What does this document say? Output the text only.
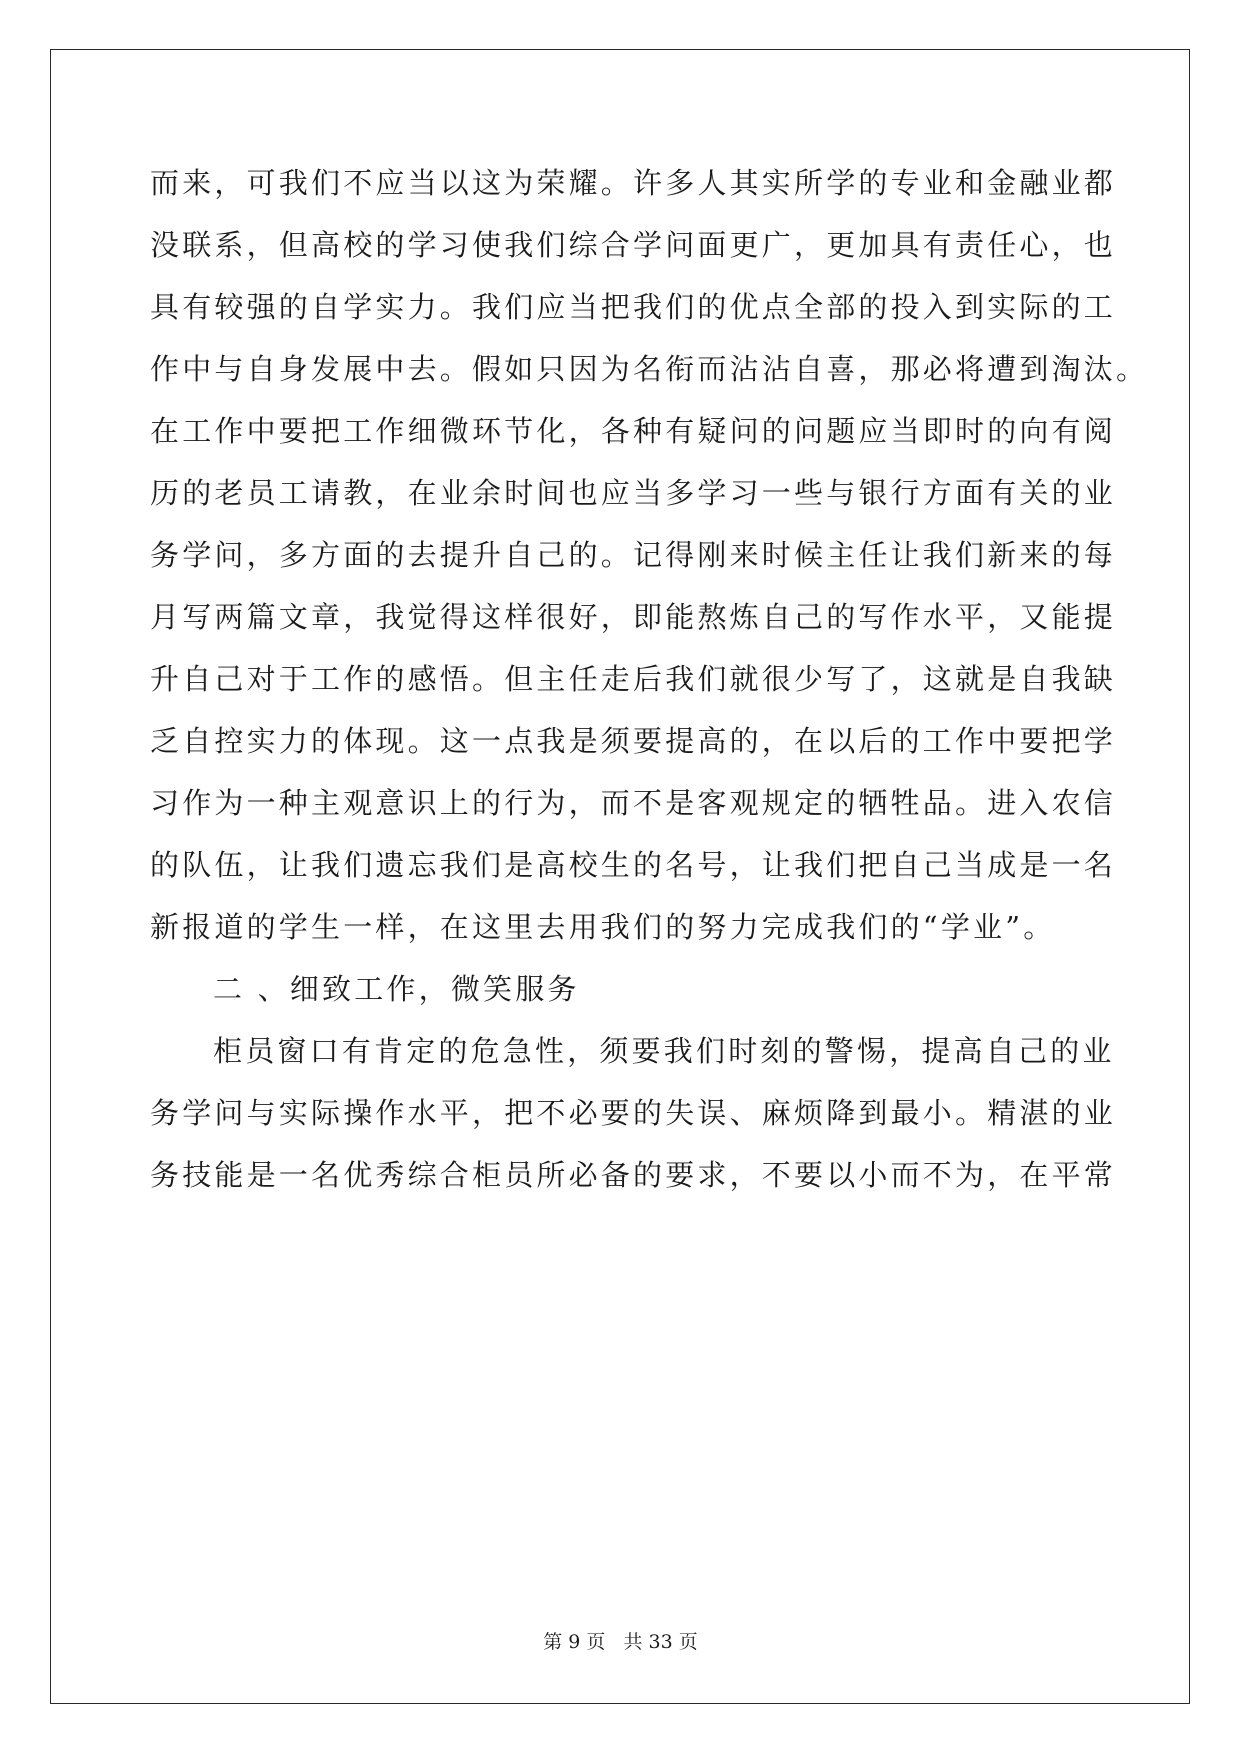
而来，可我们不应当以这为荣耀。许多人其实所学的专业和金融业都
没联系，但高校的学习使我们综合学问面更广，更加具有责任心，也
具有较强的自学实力。我们应当把我们的优点全部的投入到实际的工
作中与自身发展中去。假如只因为名衔而沾沾自喜，那必将遭到淘汰。
在工作中要把工作细微环节化，各种有疑问的问题应当即时的向有阅
历的老员工请教，在业余时间也应当多学习一些与银行方面有关的业
务学问，多方面的去提升自己的。记得刚来时候主任让我们新来的每
月写两篇文章，我觉得这样很好，即能熬炼自己的写作水平，又能提
升自己对于工作的感悟。但主任走后我们就很少写了，这就是自我缺
乏自控实力的体现。这一点我是须要提高的，在以后的工作中要把学
习作为一种主观意识上的行为，而不是客观规定的牺牲品。进入农信
的队伍，让我们遗忘我们是高校生的名号，让我们把自己当成是一名
新报道的学生一样，在这里去用我们的努力完成我们的“学业”。
二 、细致工作，微笑服务
柜员窗口有肯定的危急性，须要我们时刻的警惕，提高自己的业
务学问与实际操作水平，把不必要的失误、麻烦降到最小。精湛的业
务技能是一名优秀综合柜员所必备的要求，不要以小而不为，在平常
第 9 页 共 33 页
